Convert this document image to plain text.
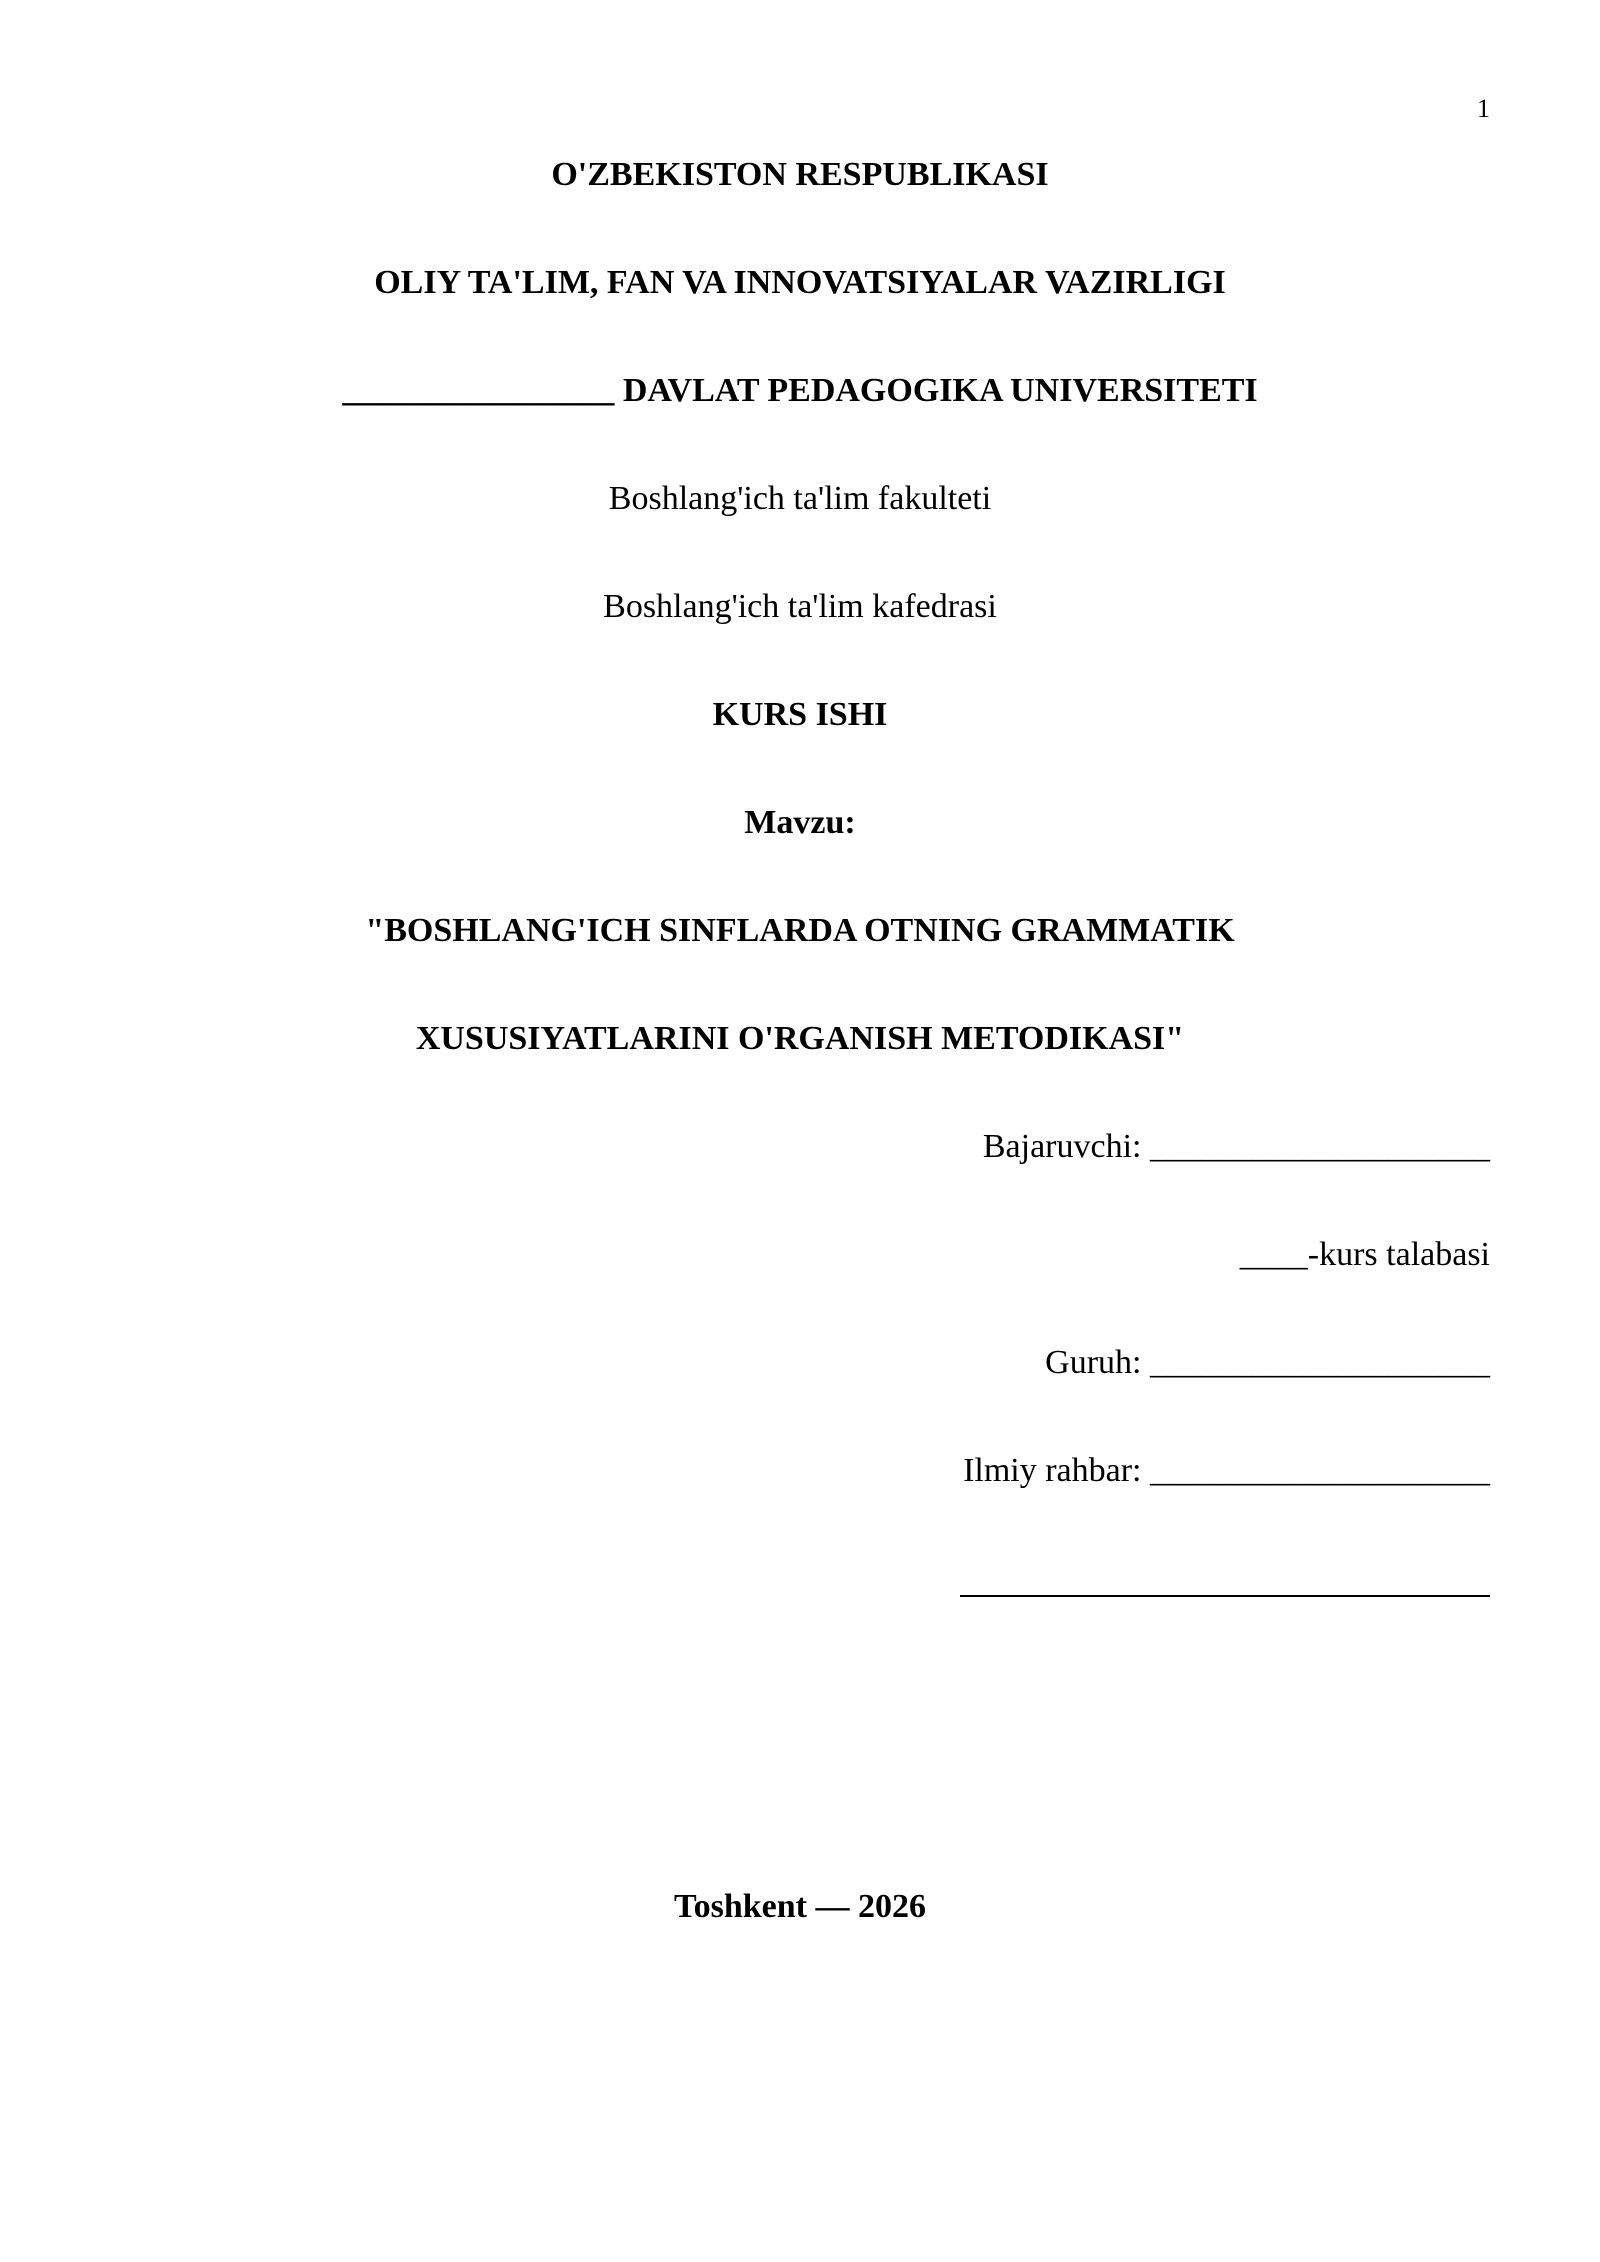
1
O'ZBEKISTON RESPUBLIKASI
OLIY TA'LIM, FAN VA INNOVATSIYALAR VAZIRLIGI
________________ DAVLAT PEDAGOGIKA UNIVERSITETI
Boshlang'ich ta'lim fakulteti
Boshlang'ich ta'lim kafedrasi
KURS ISHI
Mavzu:
"BOSHLANG'ICH SINFLARDA OTNING GRAMMATIK
XUSUSIYATLARINI O'RGANISH METODIKASI"
Bajaruvchi: ____________________
____-kurs talabasi
Guruh: ____________________
Ilmiy rahbar: ____________________
Toshkent — 2026
